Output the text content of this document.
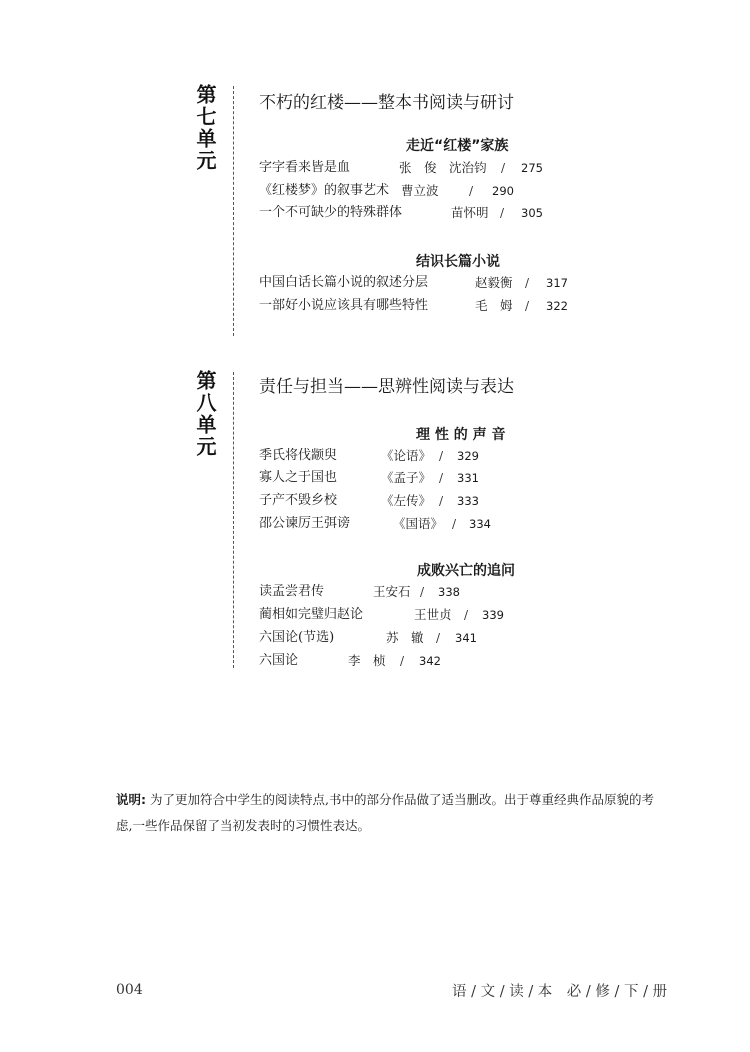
第七单元 不朽的红楼——整本书阅读与研讨
走近“红楼”家族
字字看来皆是血	张　俊　沈治钧 / 275
《红楼梦》的叙事艺术 曹立波	/ 290
一个不可缺少的特殊群体	苗怀明 / 305
结识长篇小说
中国白话长篇小说的叙述分层	赵毅衡 / 317
一部好小说应该具有哪些特性	毛　姆 / 322
第八单元 责任与担当——思辨性阅读与表达
理 性 的 声 音
季氏将伐颛臾	《论语》 / 329
寡人之于国也	《孟子》 / 331
子产不毁乡校	《左传》 / 333
邵公谏厉王弭谤	《国语》 / 334
成败兴亡的追问
读孟尝君传	王安石 / 338
蔺相如完璧归赵论	王世贞 / 339
六国论(节选)	苏　辙 / 341
六国论	李　桢 / 342
说明: 为了更加符合中学生的阅读特点,书中的部分作品做了适当删改。出于尊重经典作品原貌的考虑,一些作品保留了当初发表时的习惯性表达。
004	语 / 文 / 读 / 本　必 / 修 / 下 / 册
